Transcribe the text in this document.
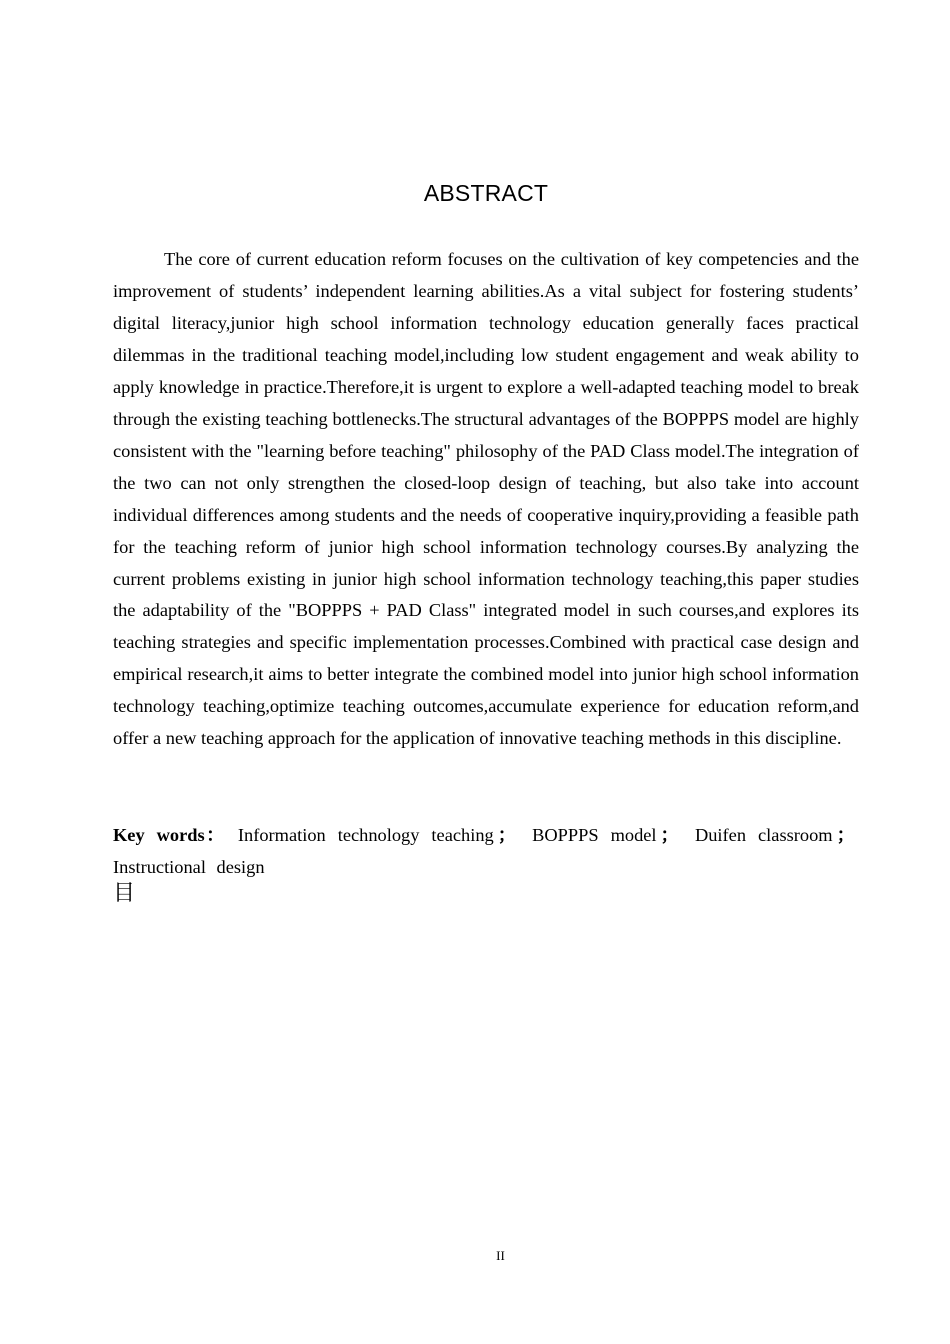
ABSTRACT

The core of current education reform focuses on the cultivation of key competencies and the improvement of students’ independent learning abilities.As a vital subject for fostering students’ digital literacy,junior high school information technology education generally faces practical dilemmas in the traditional teaching model,including low student engagement and weak ability to apply knowledge in practice.Therefore,it is urgent to explore a well-adapted teaching model to break through the existing teaching bottlenecks.The structural advantages of the BOPPPS model are highly consistent with the "learning before teaching" philosophy of the PAD Class model.The integration of the two can not only strengthen the closed-loop design of teaching, but also take into account individual differences among students and the needs of cooperative inquiry,providing a feasible path for the teaching reform of junior high school information technology courses.By analyzing the current problems existing in junior high school information technology teaching,this paper studies the adaptability of the "BOPPPS + PAD Class" integrated model in such courses,and explores its teaching strategies and specific implementation processes.Combined with practical case design and empirical research,it aims to better integrate the combined model into junior high school information technology teaching,optimize teaching outcomes,accumulate experience for education reform,and offer a new teaching approach for the application of innovative teaching methods in this discipline.

Key words： Information technology teaching ； BOPPPS model ； Duifen classroom ； Instructional design

目
II
